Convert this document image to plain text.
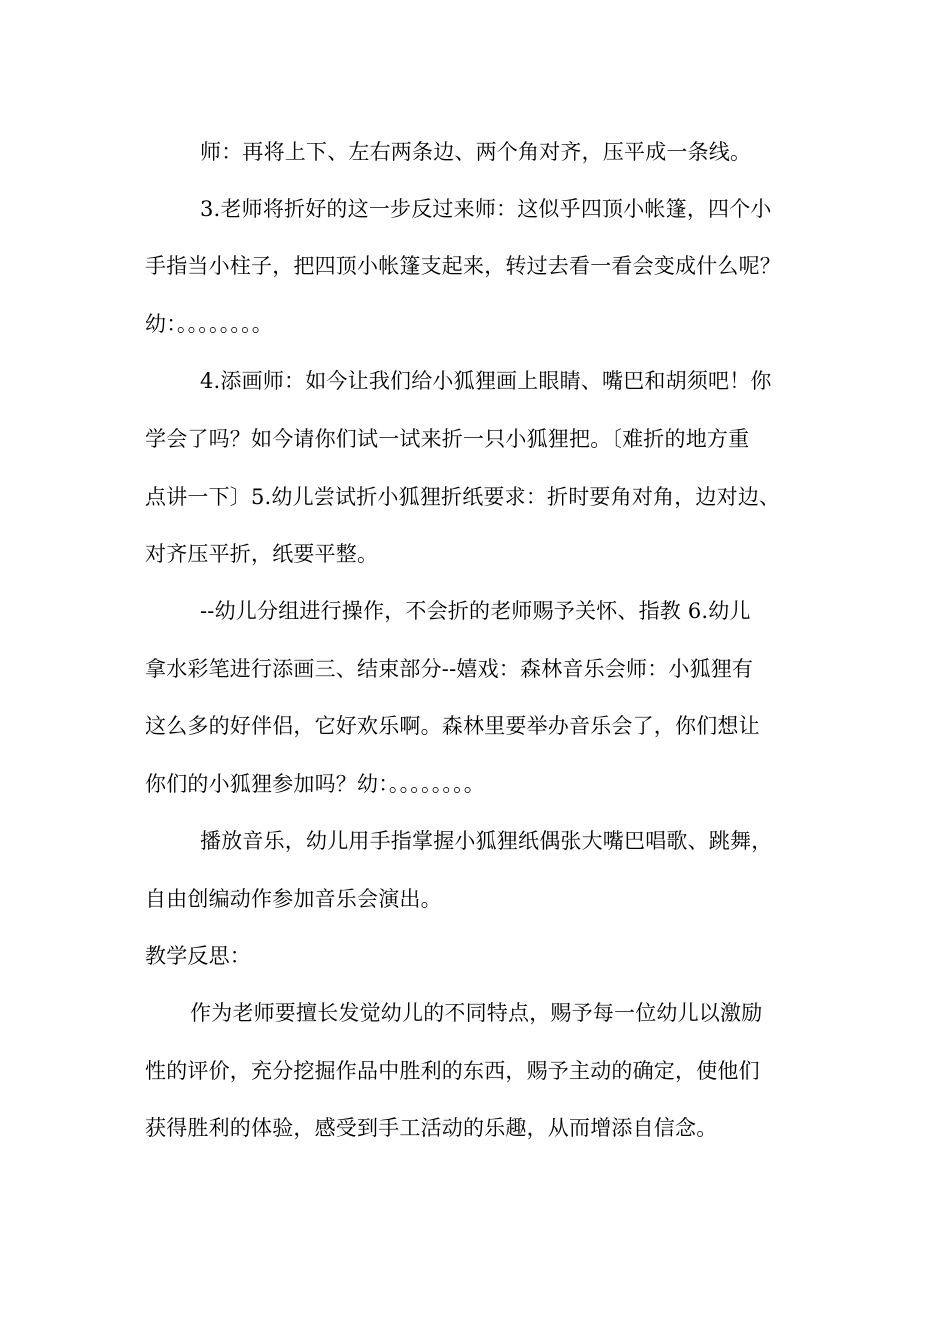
师：再将上下、左右两条边、两个角对齐，压平成一条线。
3.老师将折好的这一步反过来师：这似乎四顶小帐篷，四个小
手指当小柱子，把四顶小帐篷支起来，转过去看一看会变成什么呢？
幼：。。。。。。。。
4.添画师：如今让我们给小狐狸画上眼睛、嘴巴和胡须吧！你
学会了吗？如今请你们试一试来折一只小狐狸把。〔难折的地方重
点讲一下〕5.幼儿尝试折小狐狸折纸要求：折时要角对角，边对边、
对齐压平折，纸要平整。
--幼儿分组进行操作，不会折的老师赐予关怀、指教 6.幼儿
拿水彩笔进行添画三、结束部分--嬉戏：森林音乐会师：小狐狸有
这么多的好伴侣，它好欢乐啊。森林里要举办音乐会了，你们想让
你们的小狐狸参加吗？幼：。。。。。。。。
播放音乐，幼儿用手指掌握小狐狸纸偶张大嘴巴唱歌、跳舞，
自由创编动作参加音乐会演出。
教学反思：
作为老师要擅长发觉幼儿的不同特点，赐予每一位幼儿以激励
性的评价，充分挖掘作品中胜利的东西，赐予主动的确定，使他们
获得胜利的体验，感受到手工活动的乐趣，从而增添自信念。
